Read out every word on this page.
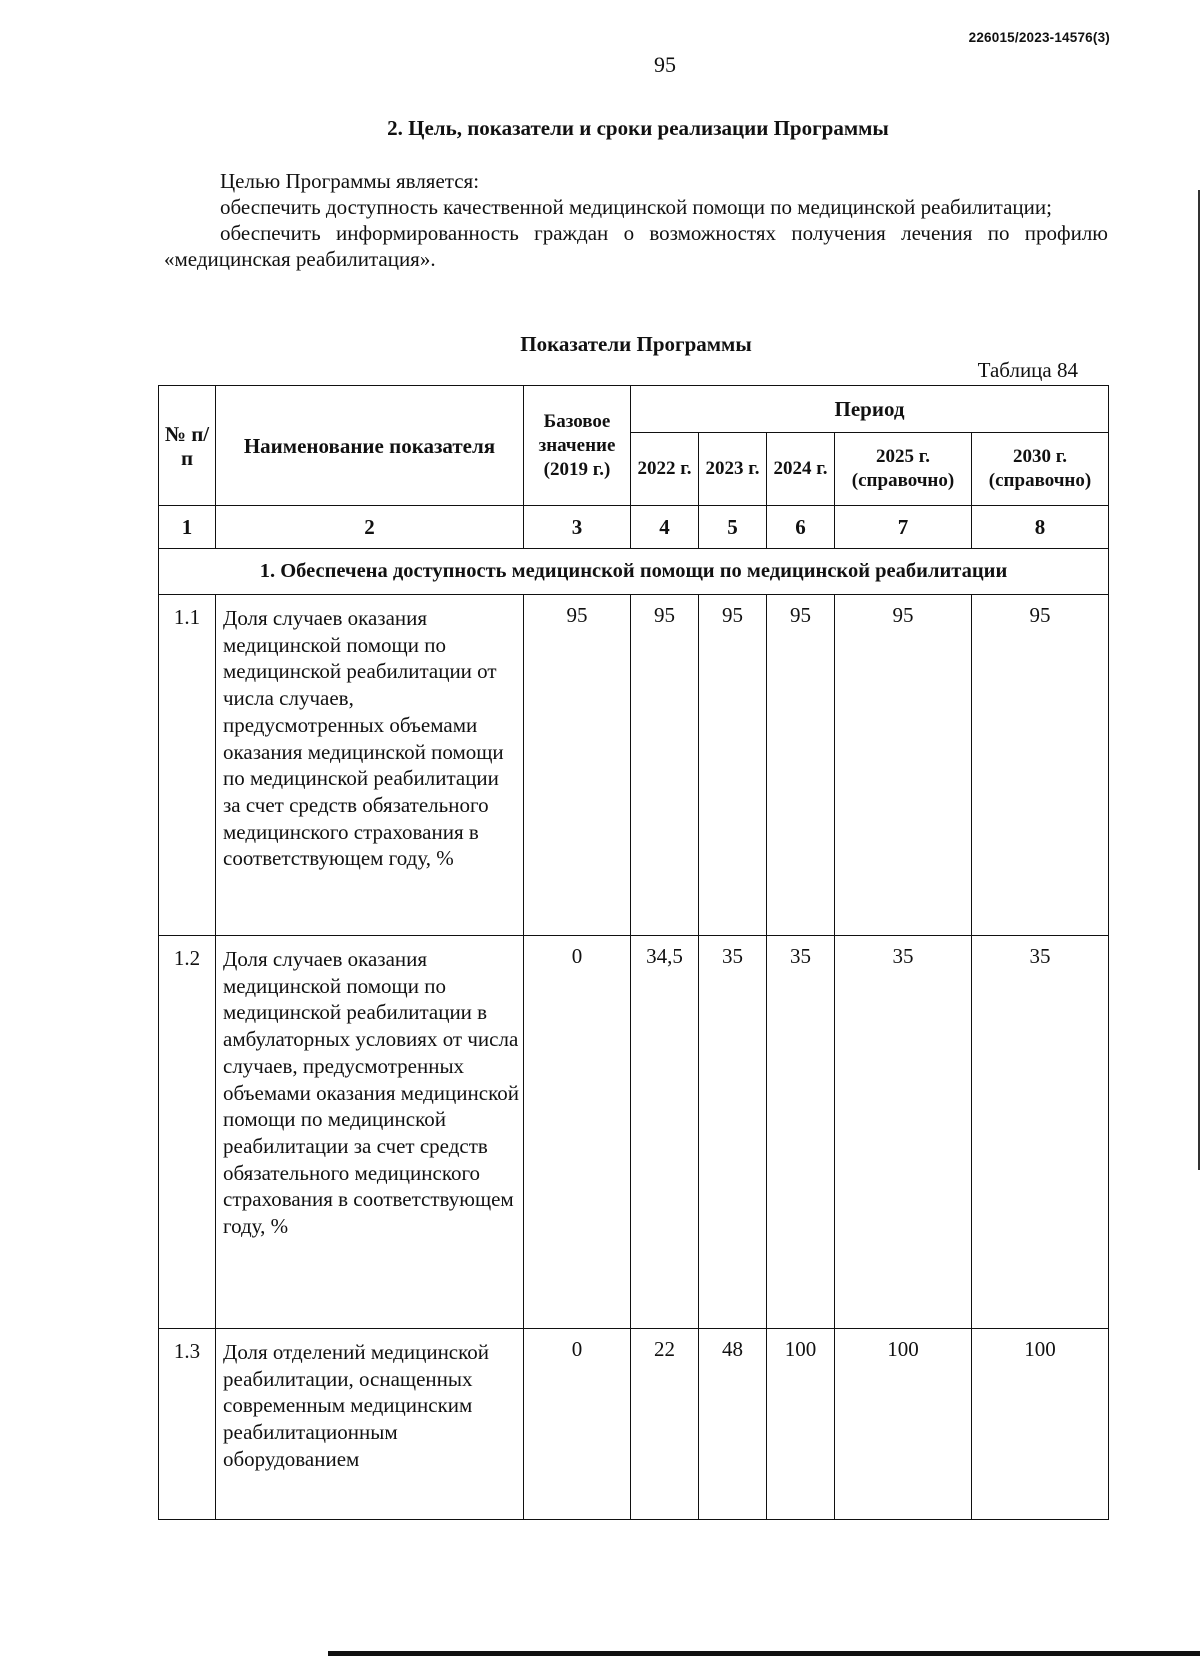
226015/2023-14576(3)
95
2. Цель, показатели и сроки реализации Программы

Целью Программы является:

обеспечить доступность качественной медицинской помощи по медицинской реабилитации;

обеспечить информированность граждан о возможностях получения лечения по профилю «медицинская реабилитация».

Показатели Программы
Таблица 84
№ п/п	Наименование показателя	Базовое значение (2019 г.)	Период				
			2022 г.	2023 г.	2024 г.	2025 г. (справочно)	2030 г. (справочно)
1	2	3	4	5	6	7	8
1. Обеспечена доступность медицинской помощи по медицинской реабилитации							
1.1	Доля случаев оказания медицинской помощи по медицинской реабилитации от числа случаев, предусмотренных объемами оказания медицинской помощи по медицинской реабилитации за счет средств обязательного медицинского страхования в соответствующем году, %	95	95	95	95	95	95
1.2	Доля случаев оказания медицинской помощи по медицинской реабилитации в амбулаторных условиях от числа случаев, предусмотренных объемами оказания медицинской помощи по медицинской реабилитации за счет средств обязательного медицинского страхования в соответствующем году, %	0	34,5	35	35	35	35
1.3	Доля отделений медицинской реабилитации, оснащенных современным медицинским реабилитационным оборудованием	0	22	48	100	100	100
